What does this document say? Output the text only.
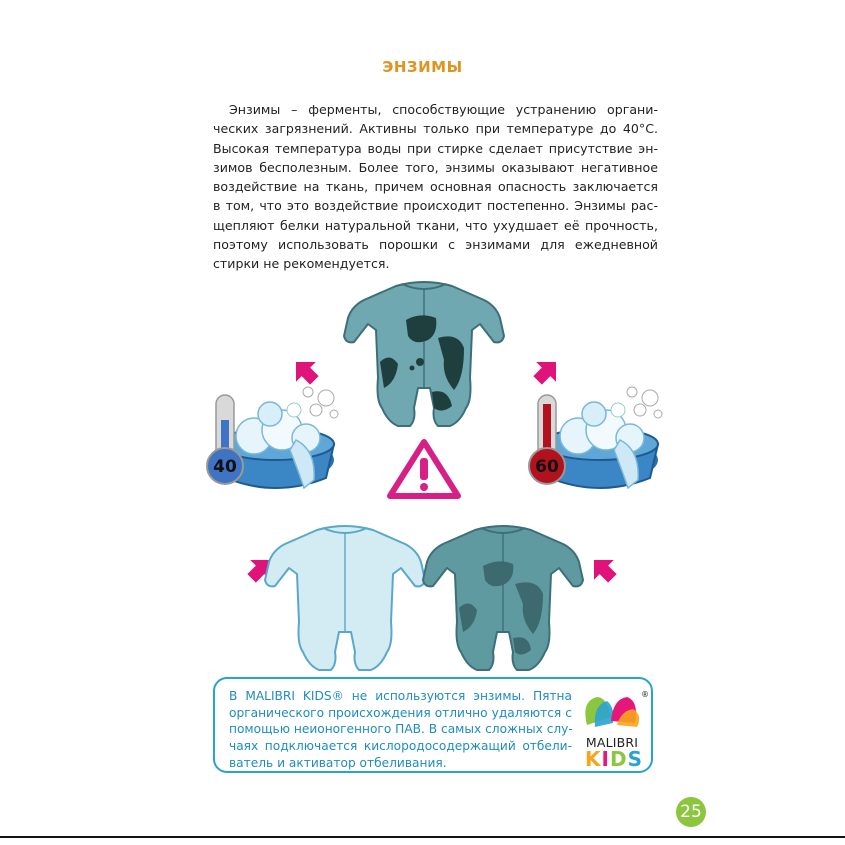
ЭНЗИМЫ
Энзимы – ферменты, способствующие устранению органи-
ческих загрязнений. Активны только при температуре до 40°C.
Высокая температура воды при стирке сделает присутствие эн-
зимов бесполезным. Более того, энзимы оказывают негативное
воздействие на ткань, причем основная опасность заключается
в том, что это воздействие происходит постепенно. Энзимы рас-
щепляют белки натуральной ткани, что ухудшает её прочность,
поэтому использовать порошки с энзимами для ежедневной
стирки не рекомендуется.
40	60
В MALIBRI KIDS® не используются энзимы. Пятна
органического происхождения отлично удаляются с
помощью неионогенного ПАВ. В самых сложных слу-
чаях подключается кислородосодержащий отбели-
ватель и активатор отбеливания.
®
MALIBRI
KIDS
25
